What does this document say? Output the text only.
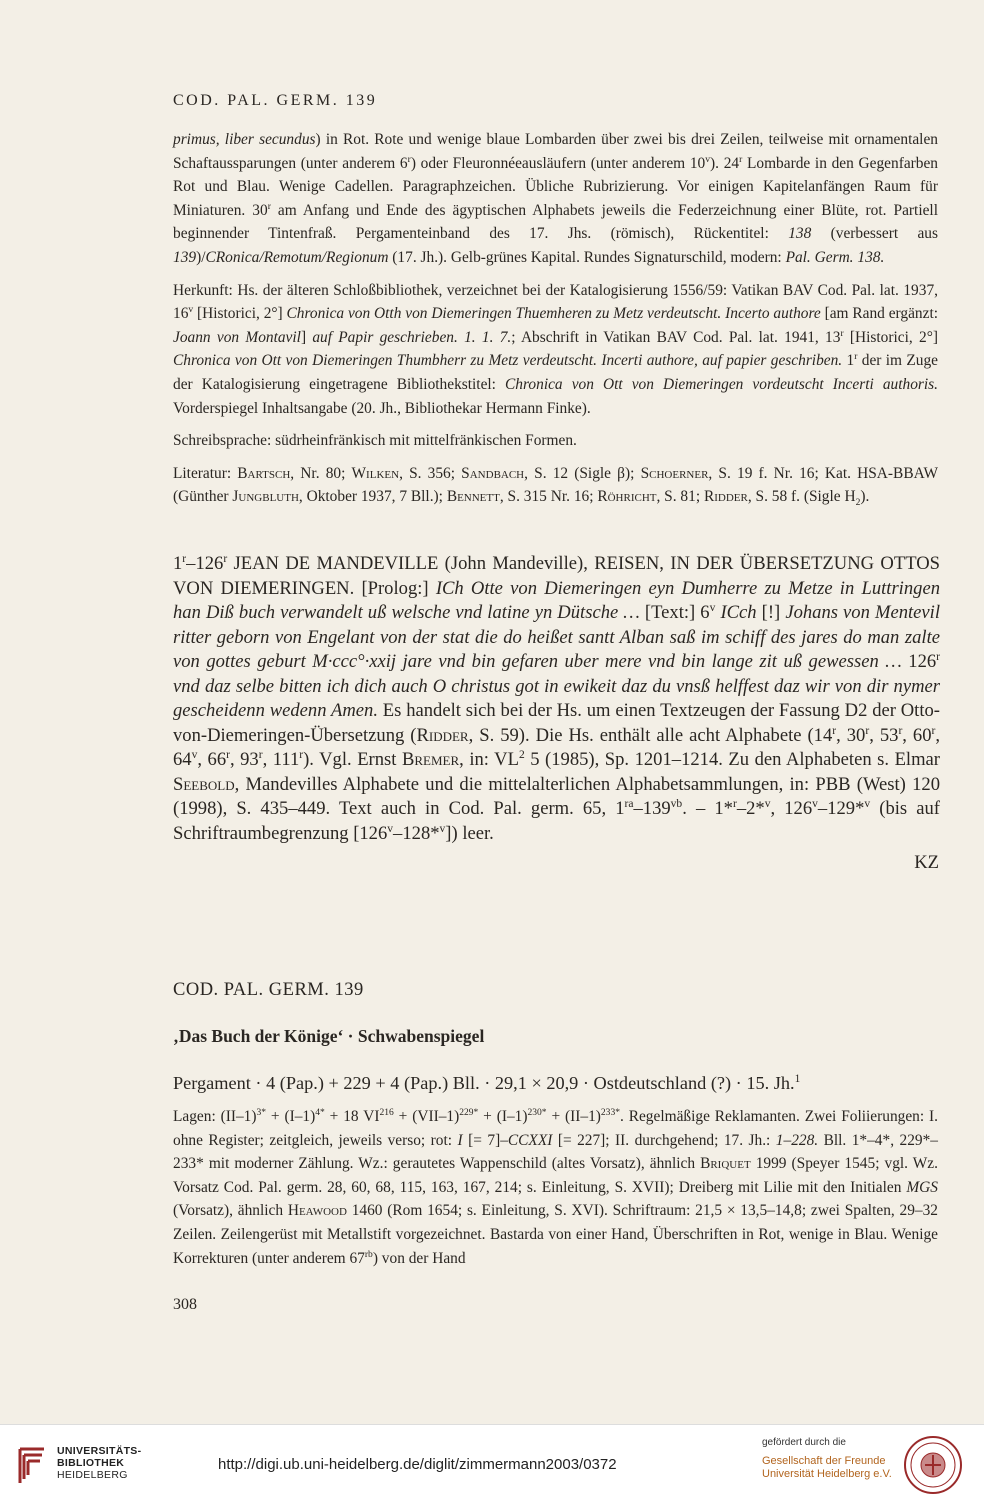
COD. PAL. GERM. 139

primus, liber secundus) in Rot. Rote und wenige blaue Lombarden über zwei bis drei Zeilen, teilweise mit ornamentalen Schaftaussparungen (unter anderem 6$^r$) oder Fleuronnéeausläufern (unter anderem 10$^v$). 24$^r$ Lombarde in den Gegenfarben Rot und Blau. Wenige Cadellen. Paragraphzeichen. Übliche Rubrizierung. Vor einigen Kapitelanfängen Raum für Miniaturen. 30$^r$ am Anfang und Ende des ägyptischen Alphabets jeweils die Federzeichnung einer Blüte, rot. Partiell beginnender Tintenfraß. Pergamenteinband des 17. Jhs. (römisch), Rückentitel: 138 (verbessert aus 139)/CRonica/Remotum/Regionum (17. Jh.). Gelb-grünes Kapital. Rundes Signaturschild, modern: Pal. Germ. 138.

Herkunft: Hs. der älteren Schloßbibliothek, verzeichnet bei der Katalogisierung 1556/59: Vatikan BAV Cod. Pal. lat. 1937, 16$^v$ [Historici, 2°] Chronica von Otth von Diemeringen Thuemheren zu Metz verdeutscht. Incerto authore [am Rand ergänzt: Joann von Montavil] auf Papir geschrieben. 1. 1. 7.; Abschrift in Vatikan BAV Cod. Pal. lat. 1941, 13$^r$ [Historici, 2°] Chronica von Ott von Diemeringen Thumbherr zu Metz verdeutscht. Incerti authore, auf papier geschriben. 1$^r$ der im Zuge der Katalogisierung eingetragene Bibliothekstitel: Chronica von Ott von Diemeringen vordeutscht Incerti authoris. Vorderspiegel Inhaltsangabe (20. Jh., Bibliothekar Hermann Finke).

Schreibsprache: südrheinfränkisch mit mittelfränkischen Formen.

Literatur: Bartsch, Nr. 80; Wilken, S. 356; Sandbach, S. 12 (Sigle β); Schoerner, S. 19 f. Nr. 16; Kat. HSA-BBAW (Günther Jungbluth, Oktober 1937, 7 Bll.); Bennett, S. 315 Nr. 16; Röhricht, S. 81; Ridder, S. 58 f. (Sigle $H_2$).

1$^r$–126$^r$ JEAN DE MANDEVILLE (John Mandeville), REISEN, IN DER ÜBERSETZUNG OTTOS VON DIEMERINGEN. [Prolog:] ICh Otte von Diemeringen eyn Dumherre zu Metze in Luttringen han Diß buch verwandelt uß welsche vnd latine yn Dütsche … [Text:] 6$^v$ ICch [!] Johans von Mentevil ritter geborn von Engelant von der stat die do heißet santt Alban saß im schiff des jares do man zalte von gottes geburt M·ccc°·xxij jare vnd bin gefaren uber mere vnd bin lange zit uß gewessen … 126$^r$ vnd daz selbe bitten ich dich auch O christus got in ewikeit daz du vnsß helffest daz wir von dir nymer gescheidenn wedenn Amen. Es handelt sich bei der Hs. um einen Textzeugen der Fassung D2 der Otto-von-Diemeringen-Übersetzung (Ridder, S. 59). Die Hs. enthält alle acht Alphabete (14$^r$, 30$^r$, 53$^r$, 60$^r$, 64$^v$, 66$^r$, 93$^r$, 111$^r$). Vgl. Ernst Bremer, in: $VL^2$ 5 (1985), Sp. 1201–1214. Zu den Alphabeten s. Elmar Seebold, Mandevilles Alphabete und die mittelalterlichen Alphabetsammlungen, in: PBB (West) 120 (1998), S. 435–449. Text auch in Cod. Pal. germ. 65, $1^{ra}-139^{vb}$. – 1*$^r$–2*$^v$, 126$^v$–129*$^v$ (bis auf Schriftraumbegrenzung [126$^v$–128*$^v$]) leer.
KZ
COD. PAL. GERM. 139
‚Das Buch der Könige‘ · Schwabenspiegel
Pergament · 4 (Pap.) + 229 + 4 (Pap.) Bll. · 29,1 × 20,9 · Ostdeutschland (?) · 15. Jh.$^1$
Lagen: $(II-1)^{3*} + (I-1)^{4*} + 18$ $VI^{216} + (VII-1)^{229*} + (I-1)^{230*} + (II-1)^{233*}$. Regelmäßige Reklamanten. Zwei Foliierungen: I. ohne Register; zeitgleich, jeweils verso; rot: I [= 7]–CCXXI [= 227]; II. durchgehend; 17. Jh.: 1–228. Bll. 1*–4*, 229*–233* mit moderner Zählung. Wz.: gerautetes Wappenschild (altes Vorsatz), ähnlich Briquet 1999 (Speyer 1545; vgl. Wz. Vorsatz Cod. Pal. germ. 28, 60, 68, 115, 163, 167, 214; s. Einleitung, S. XVII); Dreiberg mit Lilie mit den Initialen MGS (Vorsatz), ähnlich Heawood 1460 (Rom 1654; s. Einleitung, S. XVI). Schriftraum: 21,5 × 13,5–14,8; zwei Spalten, 29–32 Zeilen. Zeilengerüst mit Metallstift vorgezeichnet. Bastarda von einer Hand, Überschriften in Rot, wenige in Blau. Wenige Korrekturen (unter anderem $67^{rb}$) von der Hand
308
UNIVERSITÄTS-
BIBLIOTHEK
HEIDELBERG
http://digi.ub.uni-heidelberg.de/diglit/zimmermann2003/0372
gefördert durch die
Gesellschaft der Freunde
Universität Heidelberg e.V.
